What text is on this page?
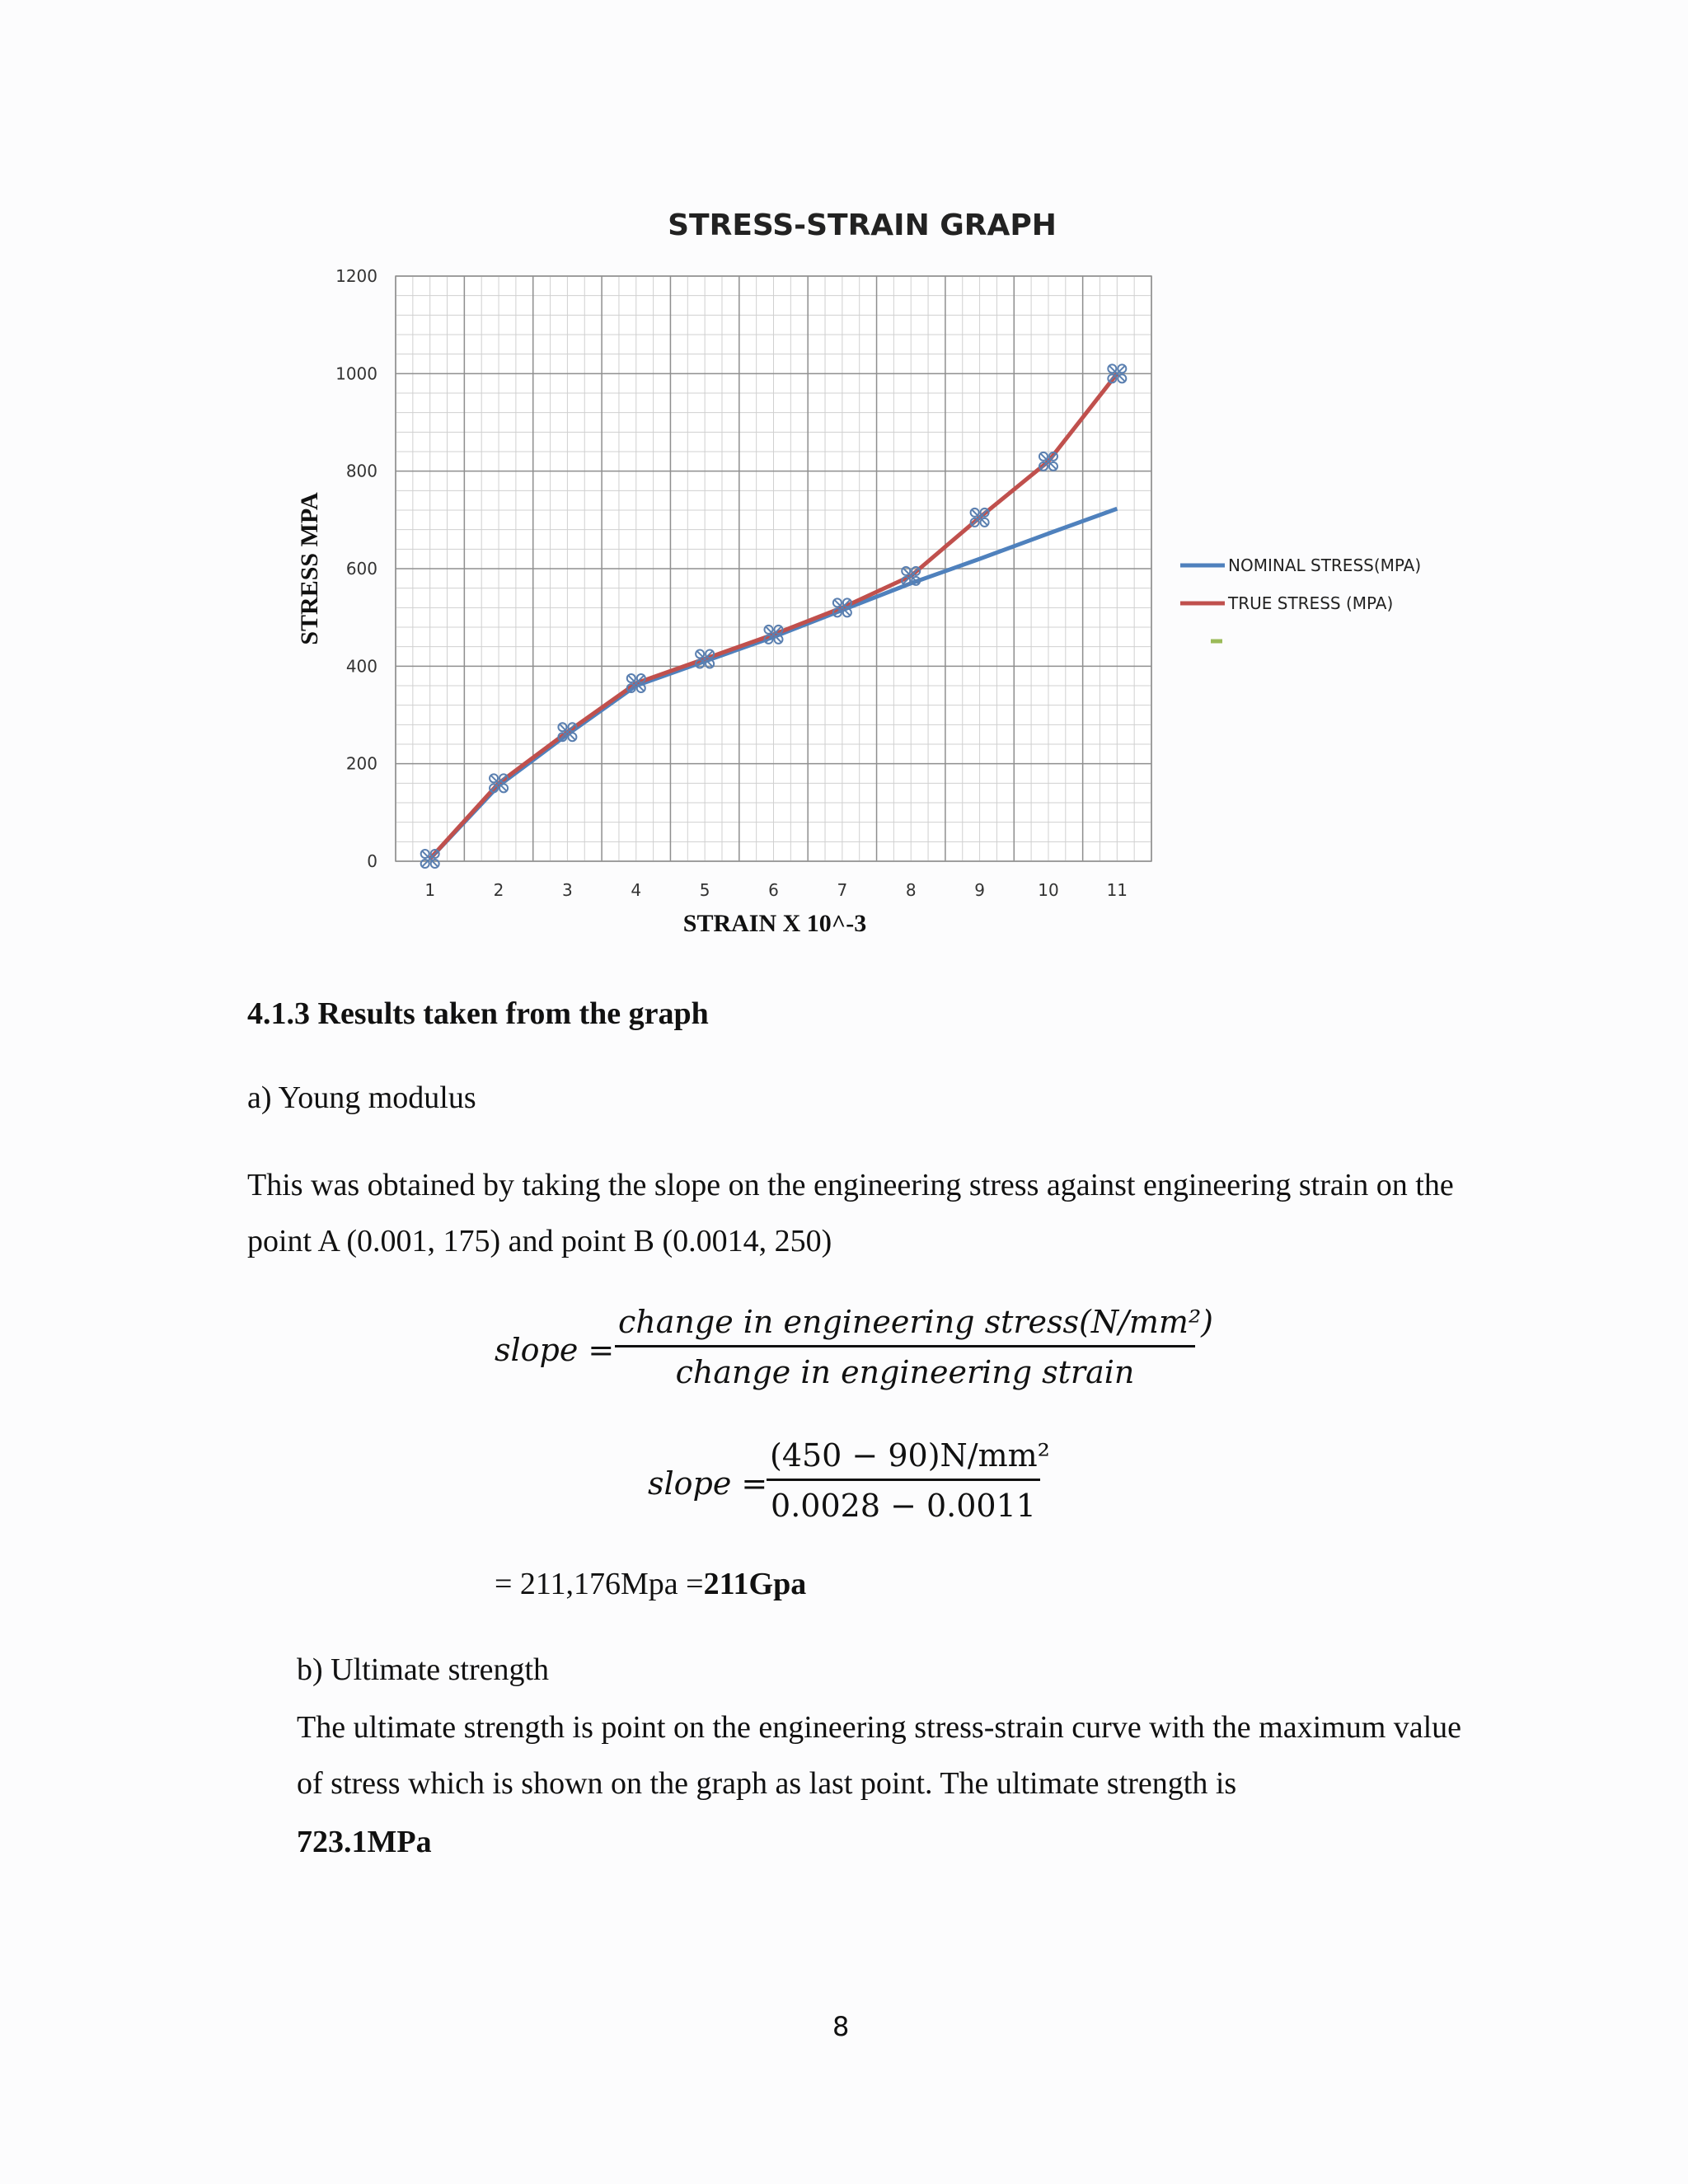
STRESS-STRAIN GRAPH
0
200
400
600
800
1000
1200
1	2	3	4	5	6	7	8	9	10	11
STRAIN X 10^-3
STRESS MPA	NOMINAL STRESS(MPA)
TRUE STRESS (MPA)
4.1.3 Results taken from the graph
a) Young modulus
This was obtained by taking the slope on the engineering stress against engineering strain on the point A (0.001, 175) and point B (0.0014, 250)
slope =
change in engineering stress(N/mm²)
change in engineering strain
slope =
$\frac{\text{(450 − 90)N/mm²}}{0.0028 - 0.0011}$
= 211,176Mpa =211Gpa
b) Ultimate strength
The ultimate strength is point on the engineering stress-strain curve with the maximum value of stress which is shown on the graph as last point. The ultimate strength is
723.1MPa
8
